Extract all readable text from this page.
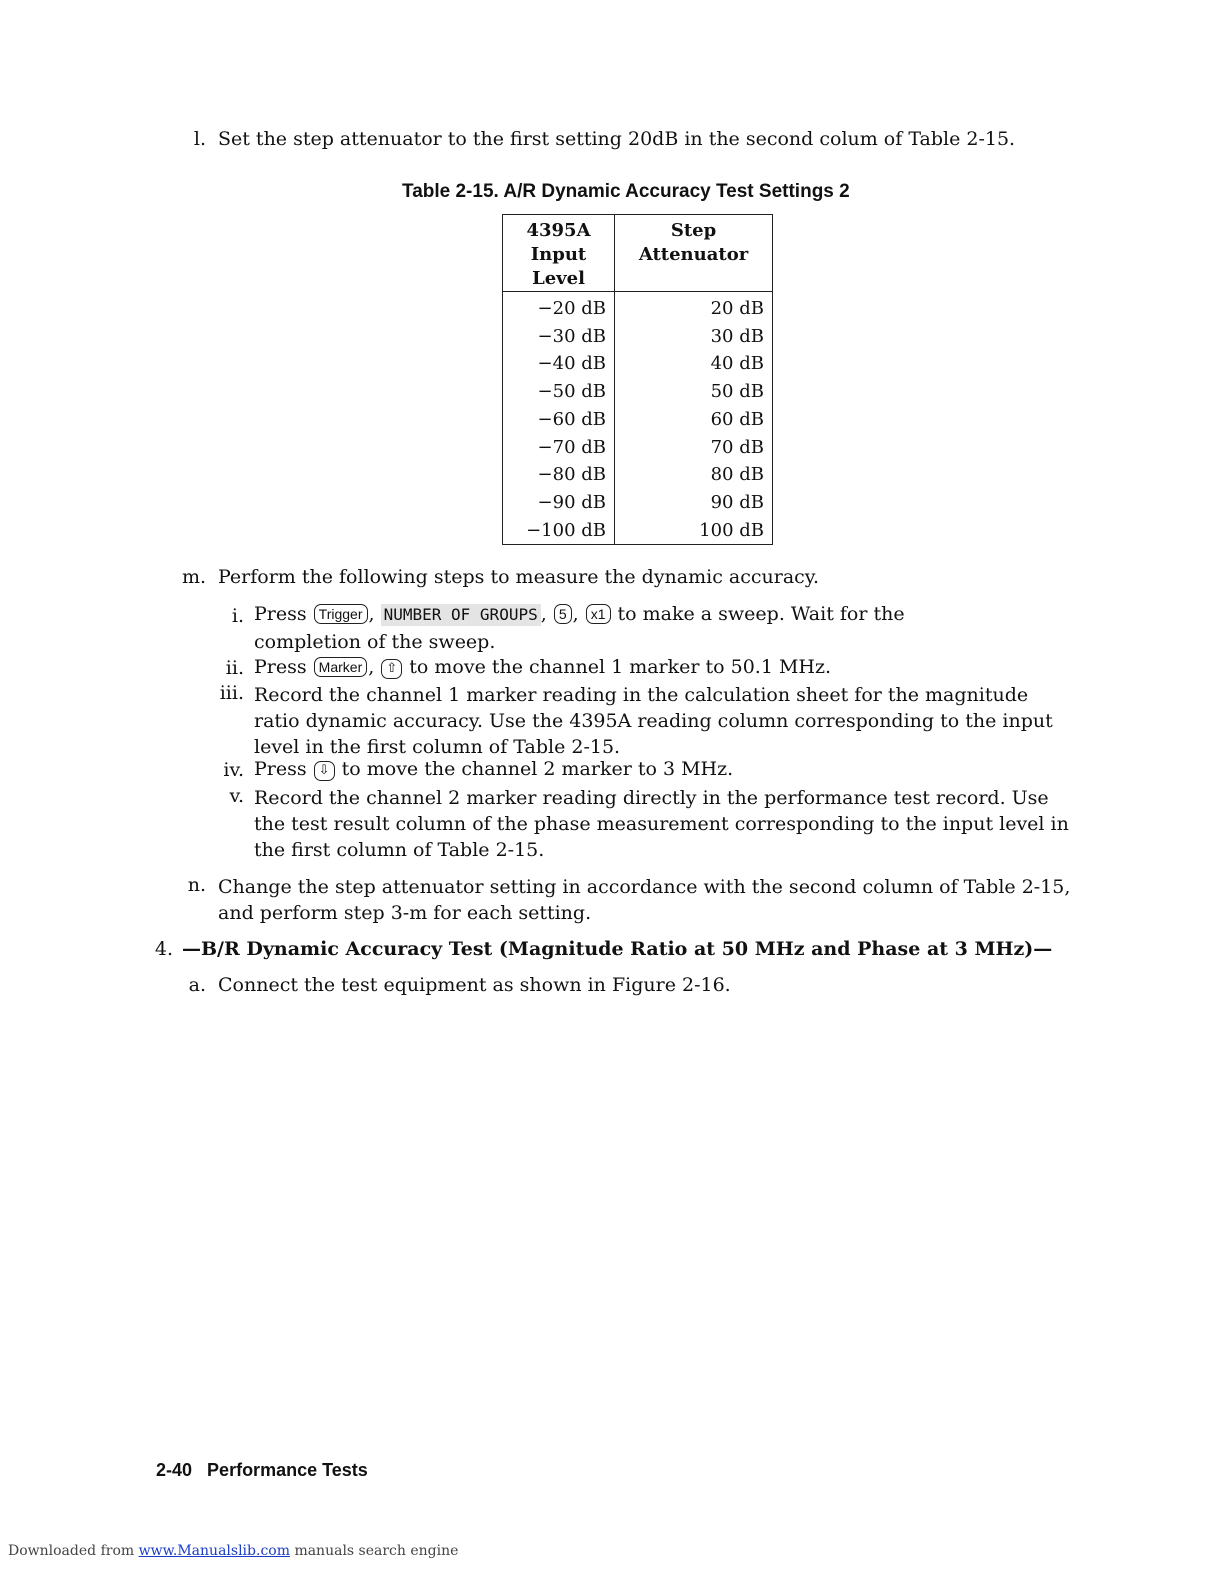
l. Set the step attenuator to the first setting 20dB in the second colum of Table 2-15.
Table 2-15. A/R Dynamic Accuracy Test Settings 2
4395A
Input Level	Step Attenuator
−20 dB	20 dB
−30 dB	30 dB
−40 dB	40 dB
−50 dB	50 dB
−60 dB	60 dB
−70 dB	70 dB
−80 dB	80 dB
−90 dB	90 dB
−100 dB	100 dB
m. Perform the following steps to measure the dynamic accuracy.
i. Press Trigger , NUMBER OF GROUPS , 5 , x1 to make a sweep. Wait for the
completion of the sweep.
ii. Press Marker , ⇧ to move the channel 1 marker to 50.1 MHz.
iii. Record the channel 1 marker reading in the calculation sheet for the magnitude
ratio dynamic accuracy. Use the 4395A reading column corresponding to the input
level in the first column of Table 2-15.
iv. Press ⇩ to move the channel 2 marker to 3 MHz.
v. Record the channel 2 marker reading directly in the performance test record. Use
the test result column of the phase measurement corresponding to the input level in
the first column of Table 2-15.
n. Change the step attenuator setting in accordance with the second column of Table 2-15,
and perform step 3-m for each setting.
4. —B/R Dynamic Accuracy Test (Magnitude Ratio at 50 MHz and Phase at 3 MHz)—
a. Connect the test equipment as shown in Figure 2-16.
2-40 Performance Tests
Downloaded from www.Manualslib.com manuals search engine
